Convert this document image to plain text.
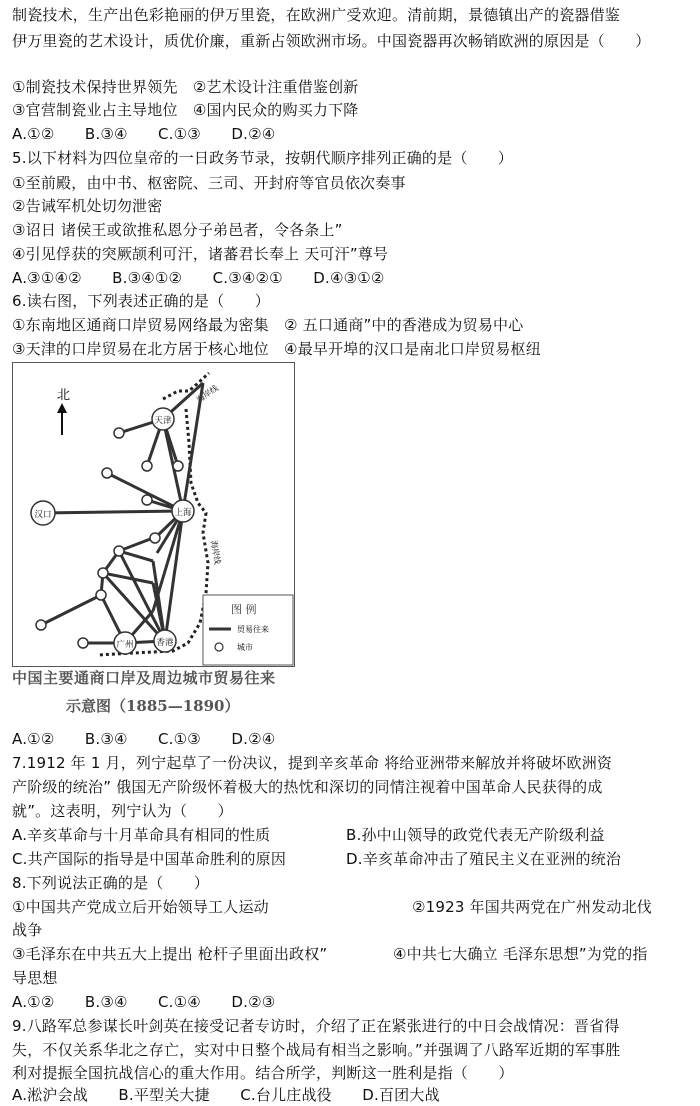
制瓷技术，生产出色彩艳丽的伊万里瓷，在欧洲广受欢迎。清前期，景德镇出产的瓷器借鉴
伊万里瓷的艺术设计，质优价廉，重新占领欧洲市场。中国瓷器再次畅销欧洲的原因是（　　）
①制瓷技术保持世界领先　②艺术设计注重借鉴创新
③官营制瓷业占主导地位　④国内民众的购买力下降
A.①②　　B.③④　　C.①③　　D.②④
5.以下材料为四位皇帝的一日政务节录，按朝代顺序排列正确的是（　　）
①至前殿，由中书、枢密院、三司、开封府等官员依次奏事
②告诫军机处切勿泄密
③诏日 诸侯王或欲推私恩分子弟邑者，令各条上”
④引见俘获的突厥颉利可汗，诸蕃君长奉上 天可汗”尊号
A.③①④②　　B.③④①②　　C.③④②①　　D.④③①②
6.读右图，下列表述正确的是（　　）
①东南地区通商口岸贸易网络最为密集　② 五口通商”中的香港成为贸易中心
③天津的口岸贸易在北方居于核心地位　④最早开埠的汉口是南北口岸贸易枢纽
北	海岸线
海岸线
天津
上海
汉口
广州	香港
图 例
贸易往来
城市
中国主要通商口岸及周边城市贸易往来
示意图（1885—1890）
A.①②　　B.③④　　C.①③　　D.②④
7.1912 年 1 月，列宁起草了一份决议，提到辛亥革命 将给亚洲带来解放并将破坏欧洲资
产阶级的统治” 俄国无产阶级怀着极大的热忱和深切的同情注视着中国革命人民获得的成
就”。这表明，列宁认为（　　）
A.辛亥革命与十月革命具有相同的性质	B.孙中山领导的政党代表无产阶级利益
C.共产国际的指导是中国革命胜利的原因	D.辛亥革命冲击了殖民主义在亚洲的统治
8.下列说法正确的是（　　）
①中国共产党成立后开始领导工人运动	②1923 年国共两党在广州发动北伐
战争
③毛泽东在中共五大上提出 枪杆子里面出政权”	④中共七大确立 毛泽东思想”为党的指
导思想
A.①②　　B.③④　　C.①④　　D.②③
9.八路军总参谋长叶剑英在接受记者专访时，介绍了正在紧张进行的中日会战情况：晋省得
失，不仅关系华北之存亡，实对中日整个战局有相当之影响。”并强调了八路军近期的军事胜
利对提振全国抗战信心的重大作用。结合所学，判断这一胜利是指（　　）
A.淞沪会战　　B.平型关大捷　　C.台儿庄战役　　D.百团大战
